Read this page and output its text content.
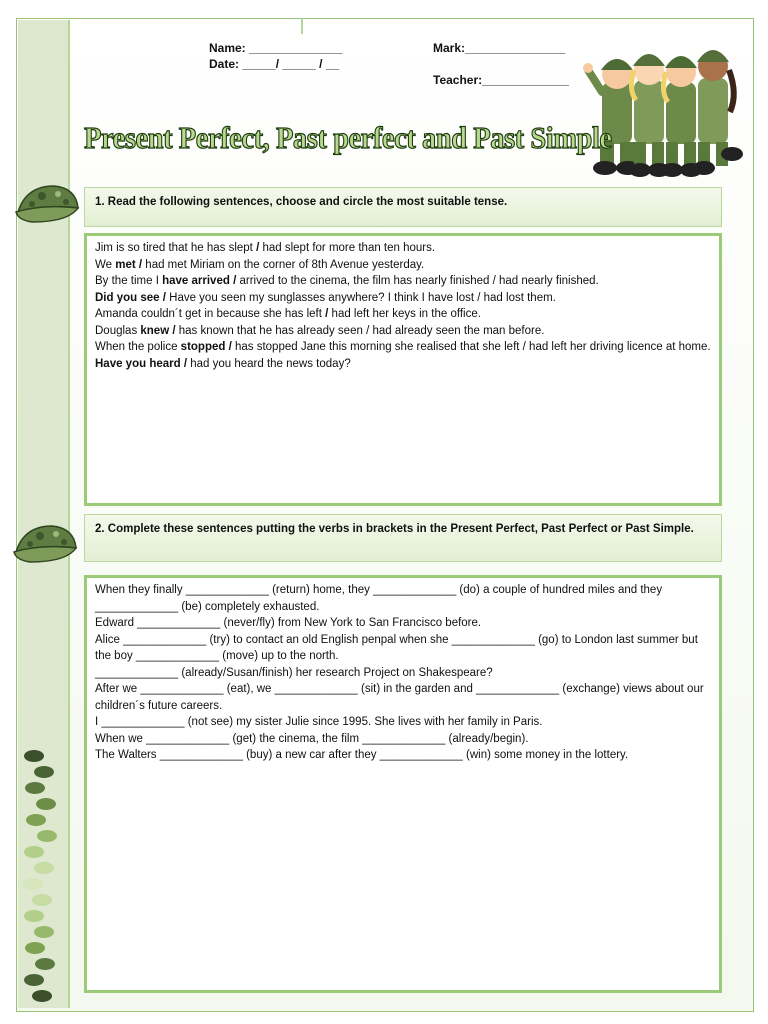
Name: ______________
Date: _____/ _____ / __
Mark:_______________
Teacher:_____________
Present Perfect, Past perfect and Past Simple
1. Read the following sentences, choose and circle the most suitable tense.

Jim is so tired that he has slept / had slept for more than ten hours.

We met / had met Miriam on the corner of 8th Avenue yesterday.

By the time I have arrived / arrived to the cinema, the film has nearly finished / had nearly finished.

Did you see / Have you seen my sunglasses anywhere? I think I have lost / had lost them.

Amanda couldn´t get in because she has left / had left her keys in the office.

Douglas knew / has known that he has already seen / had already seen the man before.

When the police stopped / has stopped Jane this morning she realised that she left / had left her driving licence at home.

Have you heard / had you heard the news today?

2. Complete these sentences putting the verbs in brackets in the Present Perfect, Past Perfect or Past Simple.

When they finally _____________ (return) home, they _____________ (do) a couple of hundred miles and they _____________ (be) completely exhausted.

Edward _____________ (never/fly) from New York to San Francisco before.

Alice _____________ (try) to contact an old English penpal when she _____________ (go) to London last summer but the boy _____________ (move) up to the north.

_____________ (already/Susan/finish) her research Project on Shakespeare?

After we _____________ (eat), we _____________ (sit) in the garden and _____________ (exchange) views about our children´s future careers.

I _____________ (not see) my sister Julie since 1995. She lives with her family in Paris.

When we _____________ (get) the cinema, the film _____________ (already/begin).

The Walters _____________ (buy) a new car after they _____________ (win) some money in the lottery.
